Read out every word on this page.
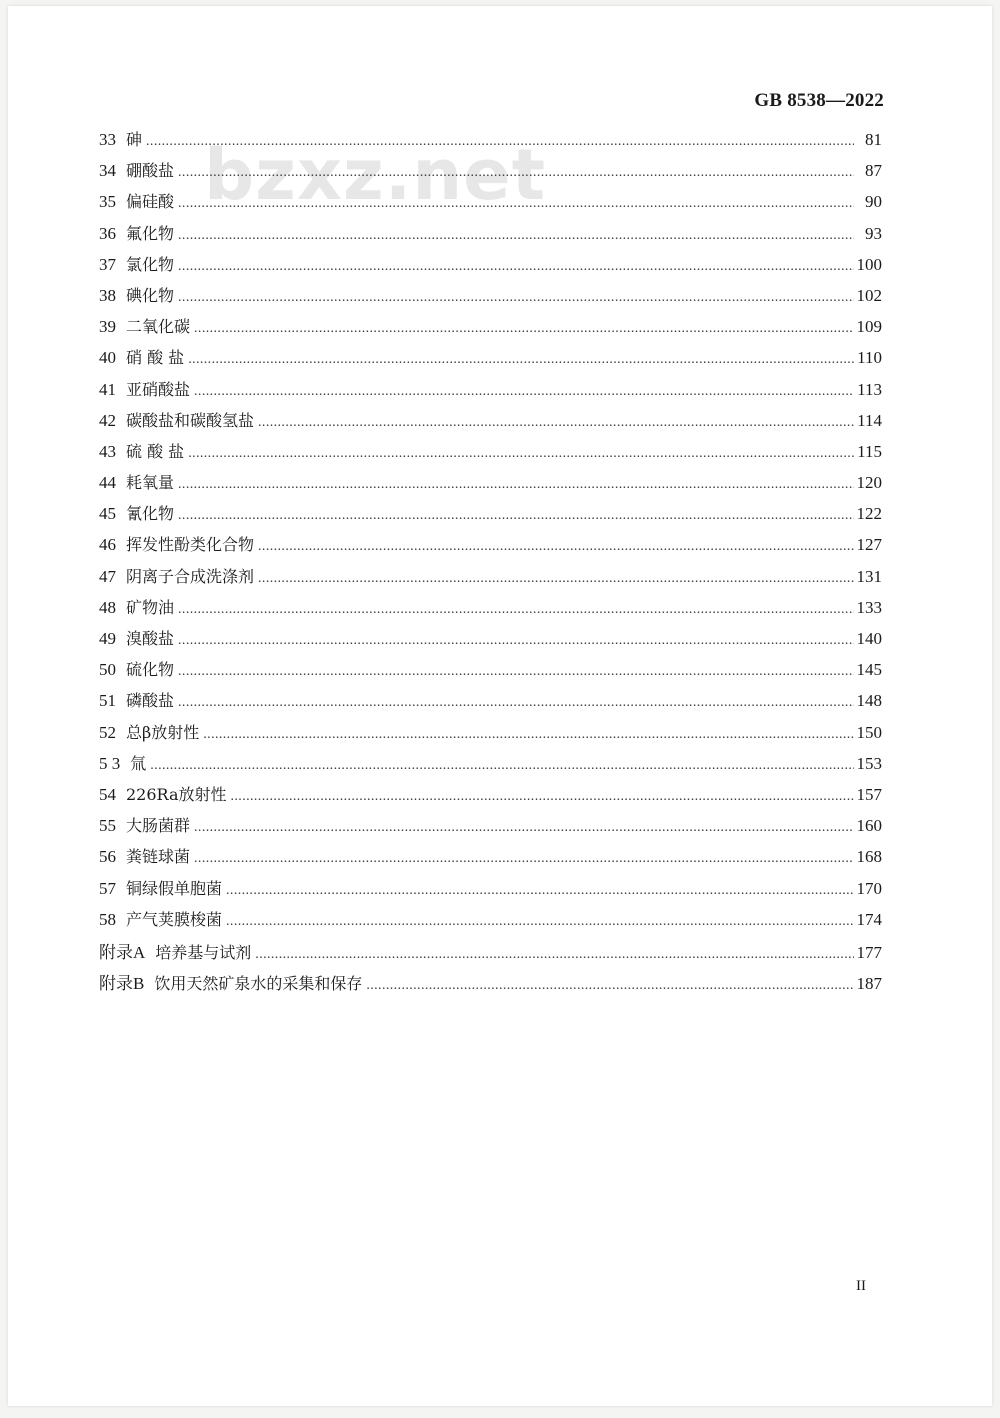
GB 8538—2022
bzxz.net
33 砷 .....	81
34 硼酸盐 .....	87
35 偏硅酸 .....	90
36 氟化物 .....	93
37 氯化物 .....	100
38 碘化物 .....	102
39 二氧化碳 .....	109
40 硝 酸 盐 .....	110
41 亚硝酸盐 .....	113
42 碳酸盐和碳酸氢盐 .....	114
43 硫 酸 盐 .....	115
44 耗氧量 .....	120
45 氰化物 .....	122
46 挥发性酚类化合物 .....	127
47 阴离子合成洗涤剂 .....	131
48 矿物油 .....	133
49 溴酸盐 .....	140
50 硫化物 .....	145
51 磷酸盐 .....	148
52 总β放射性 .....	150
5 3 氚 .....	153
54 226Ra放射性 .....	157
55 大肠菌群 .....	160
56 粪链球菌 .....	168
57 铜绿假单胞菌 .....	170
58 产气荚膜梭菌 .....	174
附录A 培养基与试剂 .....	177
附录B 饮用天然矿泉水的采集和保存 .....	187
II
